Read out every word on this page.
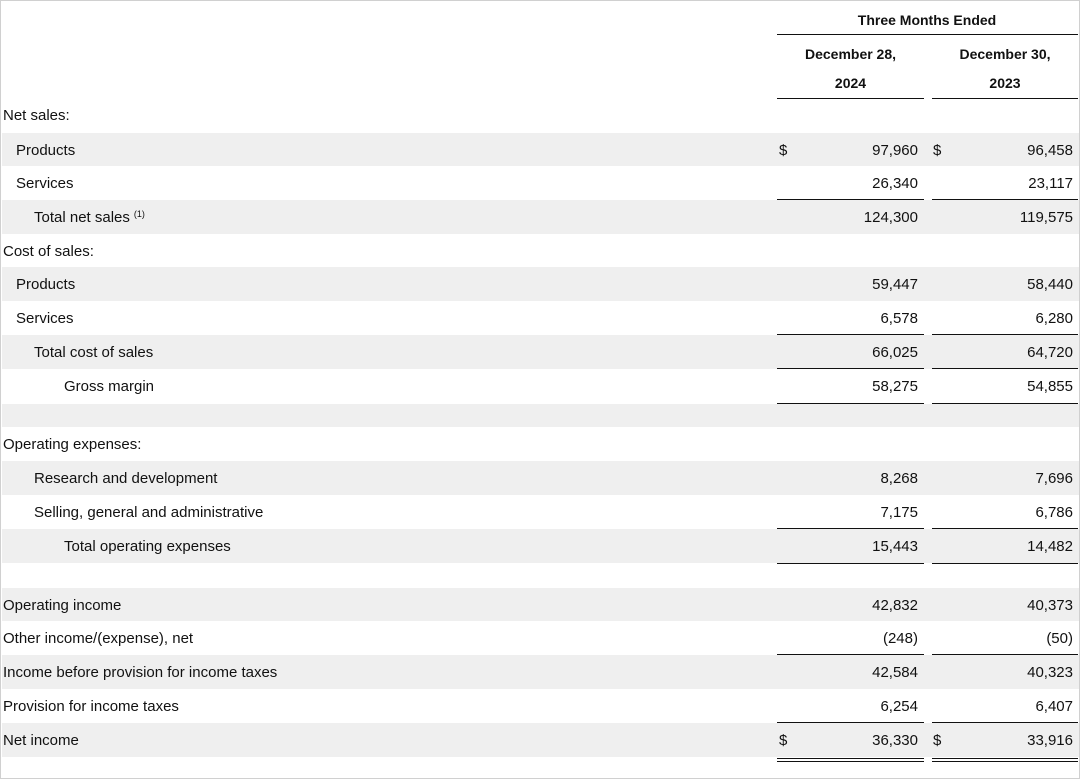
Three Months Ended
December 28,
2024
December 30,
2023
Net sales:
Products	$	97,960 $	96,458
Services	26,340	23,117
Total net sales $^{(1)}$	124,300	119,575
Cost of sales:
Products	59,447	58,440
Services	6,578	6,280
Total cost of sales	66,025	64,720
Gross margin	58,275	54,855
Operating expenses:
Research and development	8,268	7,696
Selling, general and administrative	7,175	6,786
Total operating expenses	15,443	14,482
Operating income	42,832	40,373
Other income/(expense), net	(248)	(50)
Income before provision for income taxes	42,584	40,323
Provision for income taxes	6,254	6,407
Net income	$	36,330 $	33,916
